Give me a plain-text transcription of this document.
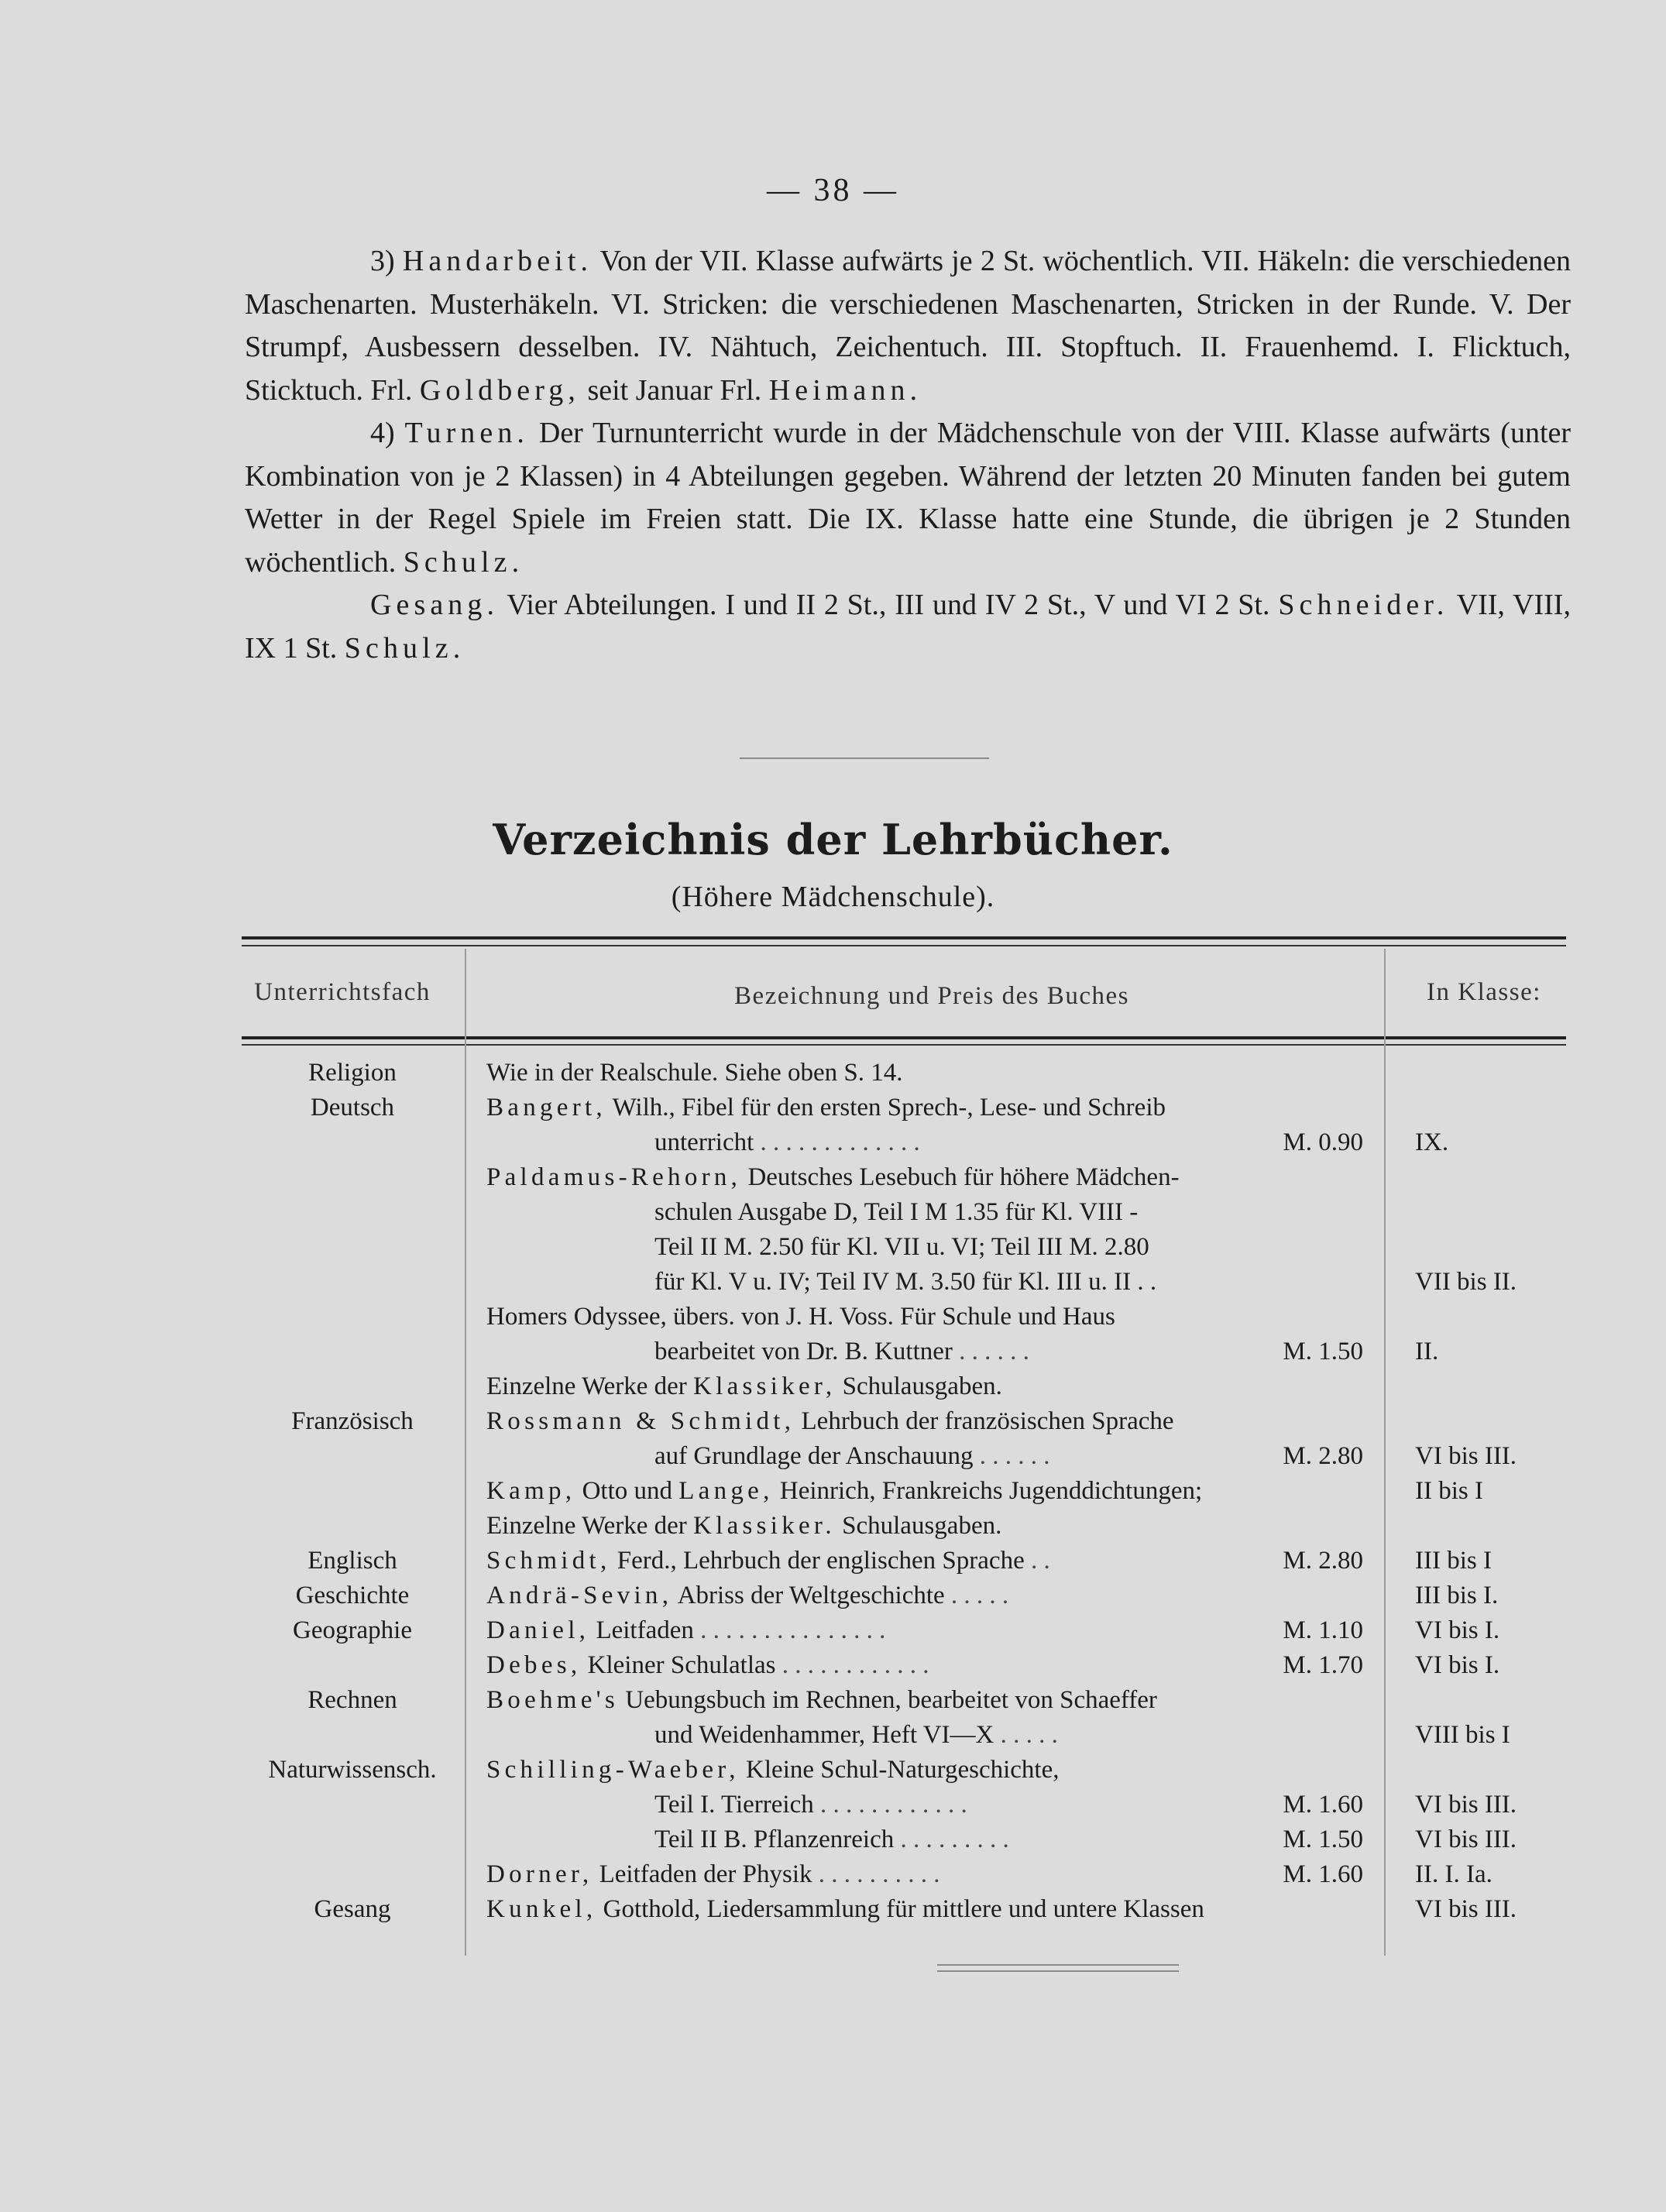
— 38 —

3) Handarbeit. Von der VII. Klasse aufwärts je 2 St. wöchentlich. VII. Häkeln: die verschiedenen Maschenarten. Musterhäkeln. VI. Stricken: die verschiedenen Maschenarten, Stricken in der Runde. V. Der Strumpf, Ausbessern desselben. IV. Nähtuch, Zeichentuch. III. Stopftuch. II. Frauenhemd. I. Flicktuch, Sticktuch. Frl. Goldberg, seit Januar Frl. Heimann.

4) Turnen. Der Turnunterricht wurde in der Mädchenschule von der VIII. Klasse aufwärts (unter Kombination von je 2 Klassen) in 4 Abteilungen gegeben. Während der letzten 20 Minuten fanden bei gutem Wetter in der Regel Spiele im Freien statt. Die IX. Klasse hatte eine Stunde, die übrigen je 2 Stunden wöchentlich. Schulz.

Gesang. Vier Abteilungen. I und II 2 St., III und IV 2 St., V und VI 2 St. Schneider. VII, VIII, IX 1 St. Schulz.

Verzeichnis der Lehrbücher.
(Höhere Mädchenschule).
Unterrichtsfach	Bezeichnung und Preis des Buches	In Klasse:
Religion	Wie in der Realschule. Siehe oben S. 14.
Deutsch	Bangert, Wilh., Fibel für den ersten Sprech-, Lese- und Schreib
unterricht . . . . . . . . . . . . .	M. 0.90 IX.
Paldamus-Rehorn, Deutsches Lesebuch für höhere Mädchen-
schulen Ausgabe D, Teil I M 1.35 für Kl. VIII -
Teil II M. 2.50 für Kl. VII u. VI; Teil III M. 2.80
für Kl. V u. IV; Teil IV M. 3.50 für Kl. III u. II . .	VII bis II.
Homers Odyssee, übers. von J. H. Voss. Für Schule und Haus
bearbeitet von Dr. B. Kuttner . . . . . .	M. 1.50 II.
Einzelne Werke der Klassiker, Schulausgaben.
Französisch	Rossmann & Schmidt, Lehrbuch der französischen Sprache
auf Grundlage der Anschauung . . . . . .	M. 2.80 VI bis III.
Kamp, Otto und Lange, Heinrich, Frankreichs Jugenddichtungen;	II bis I
Einzelne Werke der Klassiker. Schulausgaben.
Englisch	Schmidt, Ferd., Lehrbuch der englischen Sprache . .	M. 2.80 III bis I
Geschichte	Andrä-Sevin, Abriss der Weltgeschichte . . . . .	III bis I.
Geographie	Daniel, Leitfaden . . . . . . . . . . . . . . .	M. 1.10 VI bis I.
Debes, Kleiner Schulatlas . . . . . . . . . . . .	M. 1.70 VI bis I.
Rechnen	Boehme's Uebungsbuch im Rechnen, bearbeitet von Schaeffer
und Weidenhammer, Heft VI—X . . . . .	VIII bis I
Naturwissensch.	Schilling-Waeber, Kleine Schul-Naturgeschichte,
Teil I. Tierreich . . . . . . . . . . . .	M. 1.60 VI bis III.
Teil II B. Pflanzenreich . . . . . . . . .	M. 1.50 VI bis III.
Dorner, Leitfaden der Physik . . . . . . . . . .	M. 1.60 II. I. Ia.
Gesang	Kunkel, Gotthold, Liedersammlung für mittlere und untere Klassen	VI bis III.
